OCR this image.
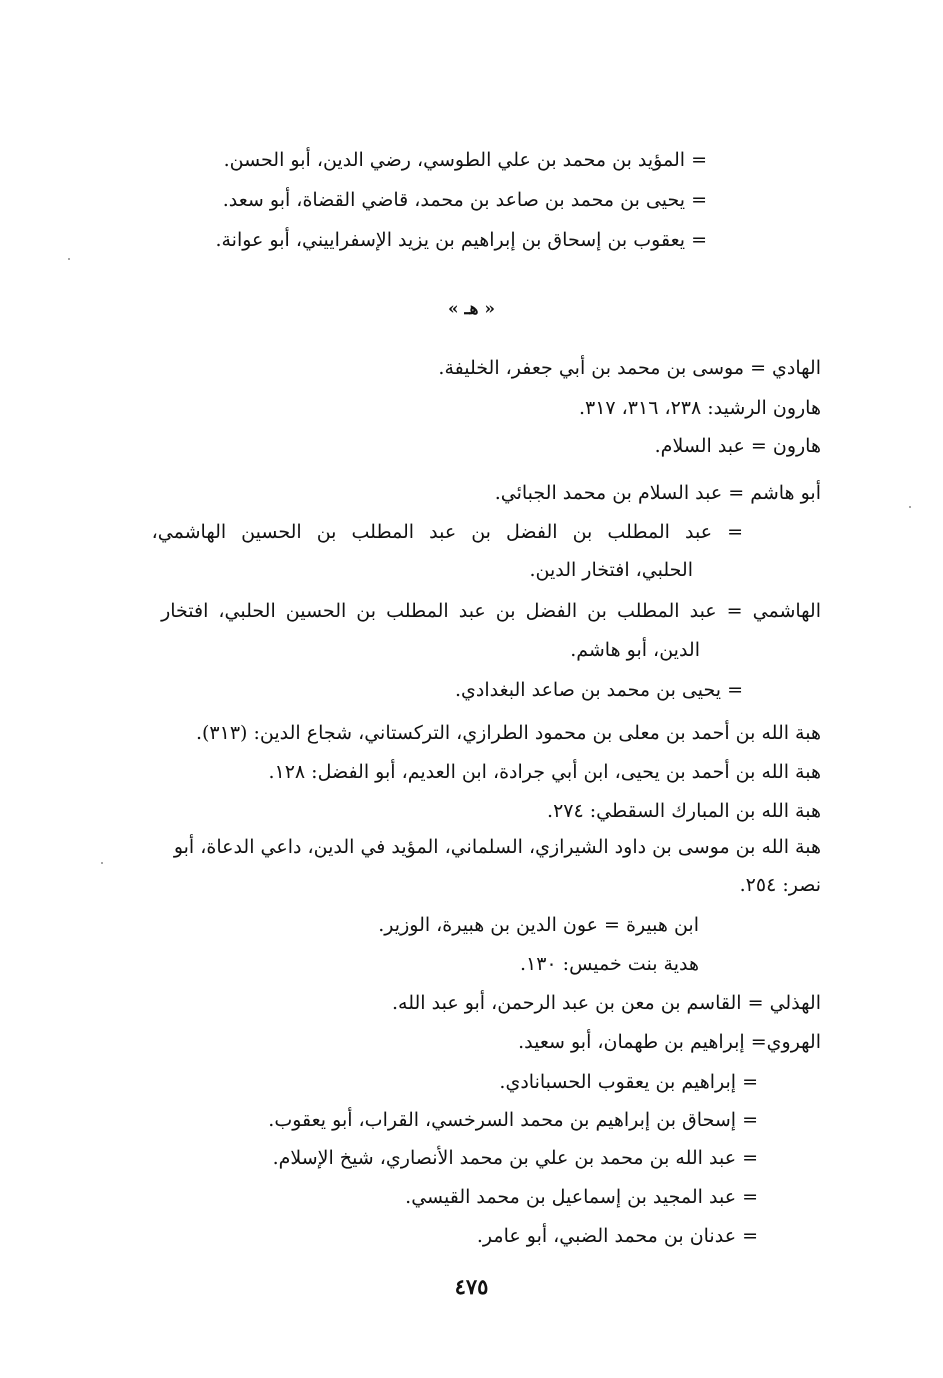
= المؤيد بن محمد بن علي الطوسي، رضي الدين، أبو الحسن.
= يحيى بن محمد بن صاعد بن محمد، قاضي القضاة، أبو سعد.
= يعقوب بن إسحاق بن إبراهيم بن يزيد الإسفراييني، أبو عوانة.
« هـ »
الهادي = موسى بن محمد بن أبي جعفر، الخليفة.
هارون الرشيد: ٢٣٨، ٣١٦، ٣١٧.
هارون = عبد السلام.
أبو هاشم = عبد السلام بن محمد الجبائي.
= عبد المطلب بن الفضل بن عبد المطلب بن الحسين الهاشمي،
الحلبي، افتخار الدين.
الهاشمي = عبد المطلب بن الفضل بن عبد المطلب بن الحسين الحلبي، افتخار
الدين، أبو هاشم.
= يحيى بن محمد بن صاعد البغدادي.
هبة الله بن أحمد بن معلى بن محمود الطرازي، التركستاني، شجاع الدين: (٣١٣).
هبة الله بن أحمد بن يحيى، ابن أبي جرادة، ابن العديم، أبو الفضل: ١٢٨.
هبة الله بن المبارك السقطي: ٢٧٤.
هبة الله بن موسى بن داود الشيرازي، السلماني، المؤيد في الدين، داعي الدعاة، أبو
نصر: ٢٥٤.
ابن هبيرة = عون الدين بن هبيرة، الوزير.
هدية بنت خميس: ١٣٠.
الهذلي = القاسم بن معن بن عبد الرحمن، أبو عبد الله.
الهروي= إبراهيم بن طهمان، أبو سعيد.
= إبراهيم بن يعقوب الحسبانادي.
= إسحاق بن إبراهيم بن محمد السرخسي، القراب، أبو يعقوب.
= عبد الله بن محمد بن علي بن محمد الأنصاري، شيخ الإسلام.
= عبد المجيد بن إسماعيل بن محمد القيسي.
= عدنان بن محمد الضبي، أبو عامر.
٤٧٥
